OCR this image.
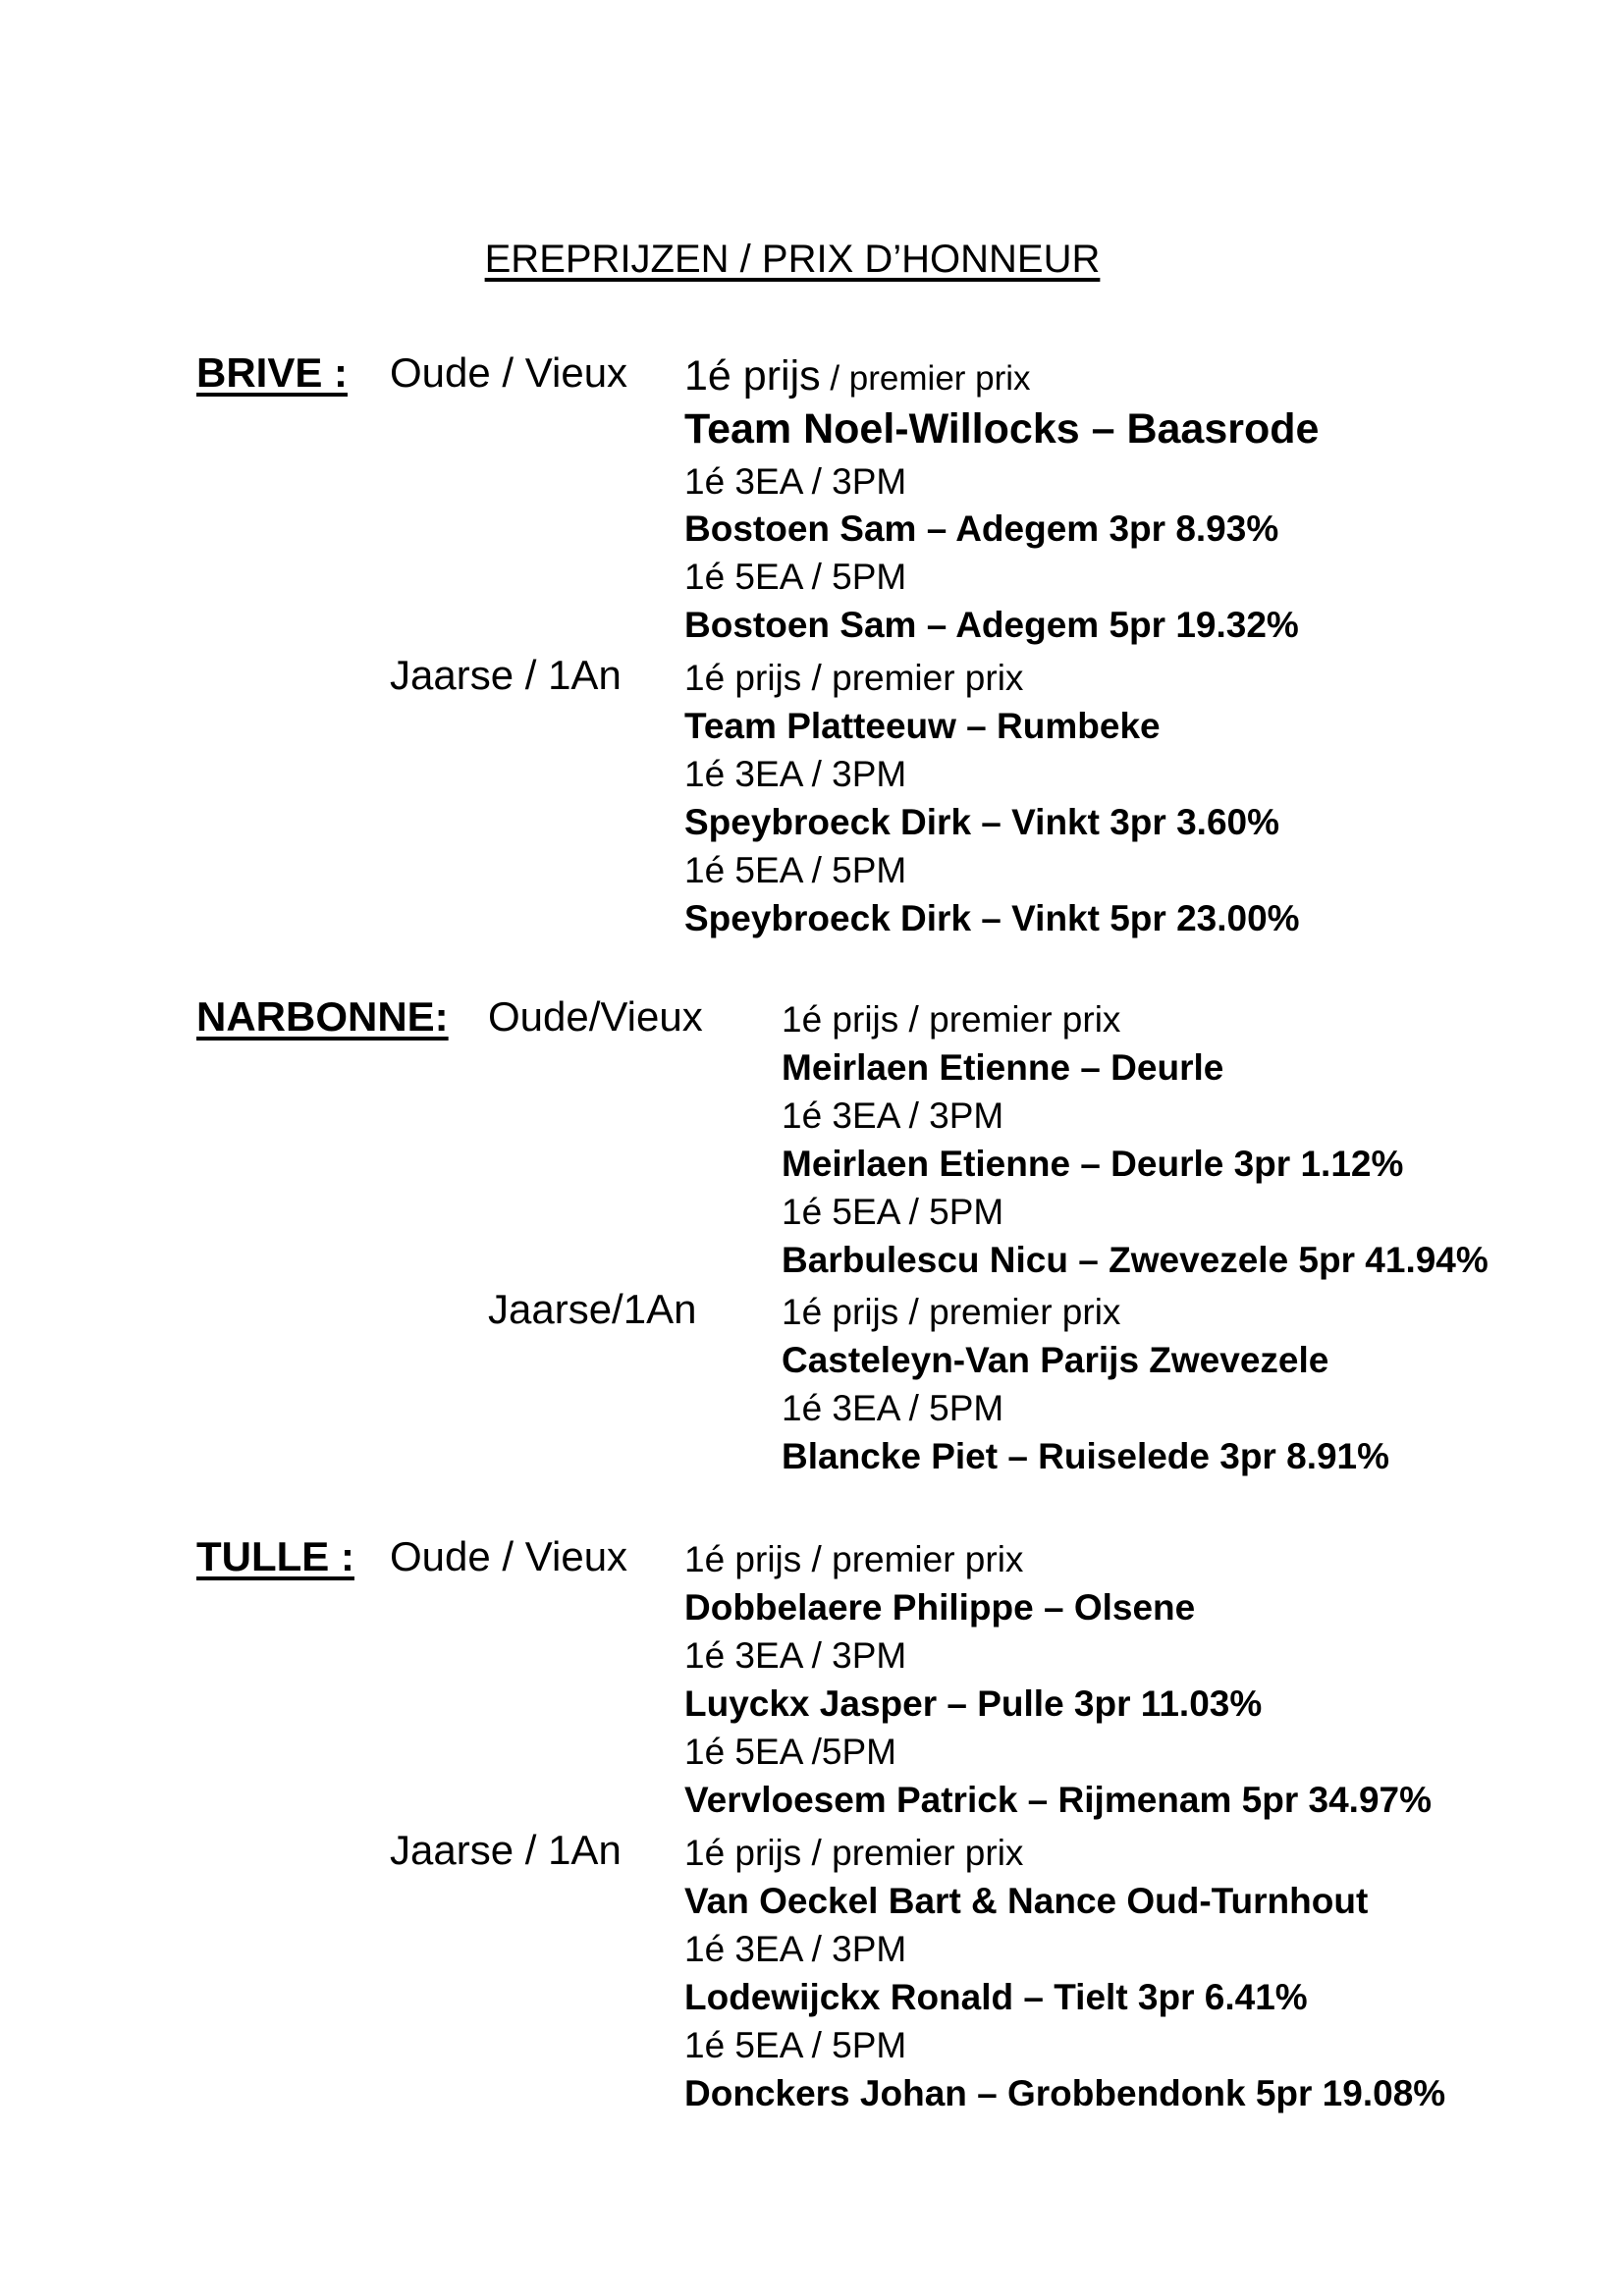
EREPRIJZEN / PRIX D’HONNEUR
BRIVE : Oude / Vieux 1é prijs / premier prix
Team Noel-Willocks – Baasrode
1é 3EA / 3PM
Bostoen Sam – Adegem 3pr 8.93%
1é 5EA / 5PM
Bostoen Sam – Adegem 5pr 19.32%
Jaarse / 1An 1é prijs / premier prix
Team Platteeuw – Rumbeke
1é 3EA / 3PM
Speybroeck Dirk – Vinkt 3pr 3.60%
1é 5EA / 5PM
Speybroeck Dirk – Vinkt 5pr 23.00%
NARBONNE: Oude/Vieux 1é prijs / premier prix
Meirlaen Etienne – Deurle
1é 3EA / 3PM
Meirlaen Etienne – Deurle 3pr 1.12%
1é 5EA / 5PM
Barbulescu Nicu – Zwevezele 5pr 41.94%
Jaarse/1An 1é prijs / premier prix
Casteleyn-Van Parijs Zwevezele
1é 3EA / 5PM
Blancke Piet – Ruiselede 3pr 8.91%
TULLE : Oude / Vieux 1é prijs / premier prix
Dobbelaere Philippe – Olsene
1é 3EA / 3PM
Luyckx Jasper – Pulle 3pr 11.03%
1é 5EA /5PM
Vervloesem Patrick – Rijmenam 5pr 34.97%
Jaarse / 1An 1é prijs / premier prix
Van Oeckel Bart & Nance Oud-Turnhout
1é 3EA / 3PM
Lodewijckx Ronald – Tielt 3pr 6.41%
1é 5EA / 5PM
Donckers Johan – Grobbendonk 5pr 19.08%
